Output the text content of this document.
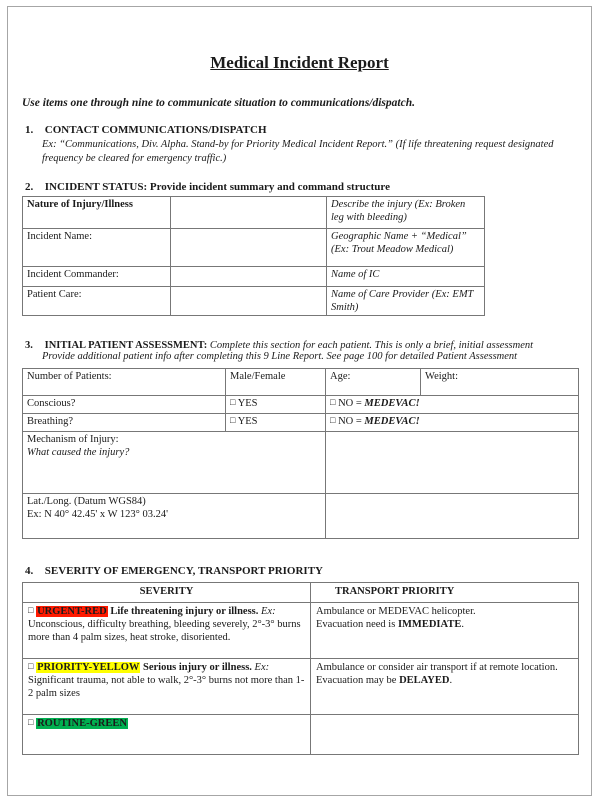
Medical Incident Report

Use items one through nine to communicate situation to communications/dispatch.

1. CONTACT COMMUNICATIONS/DISPATCH

Ex: “Communications, Div. Alpha. Stand-by for Priority Medical Incident Report.” (If life threatening request designated frequency be cleared for emergency traffic.)

2. INCIDENT STATUS: Provide incident summary and command structure
Nature of Injury/Illness		Describe the injury (Ex: Broken leg with bleeding)
Incident Name:		Geographic Name + “Medical” (Ex: Trout Meadow Medical)
Incident Commander:		Name of IC
Patient Care:		Name of Care Provider (Ex: EMT Smith)
3. INITIAL PATIENT ASSESSMENT: Complete this section for each patient. This is only a brief, initial assessment
Provide additional patient info after completing this 9 Line Report. See page 100 for detailed Patient Assessment
Number of Patients:	Male/Female	Age:	Weight:
Conscious?	□ YES	□ NO = MEDEVAC!	
Breathing?	□ YES	□ NO = MEDEVAC!	

Mechanism of Injury:
What caused the injury?			

Lat./Long. (Datum WGS84)
Ex: N 40° 42.45' x W 123° 03.24'			

4. SEVERITY OF EMERGENCY, TRANSPORT PRIORITY
SEVERITY	TRANSPORT PRIORITY
□ URGENT-RED Life threatening injury or illness. Ex: Unconscious, difficulty breathing, bleeding severely, 2°-3° burns more than 4 palm sizes, heat stroke, disoriented.	Ambulance or MEDEVAC helicopter.
Evacuation need is IMMEDIATE.
□ PRIORITY-YELLOW Serious injury or illness. Ex: Significant trauma, not able to walk, 2°-3° burns not more than 1-2 palm sizes	Ambulance or consider air transport if at remote location. Evacuation may be DELAYED.
□ ROUTINE-GREEN	
